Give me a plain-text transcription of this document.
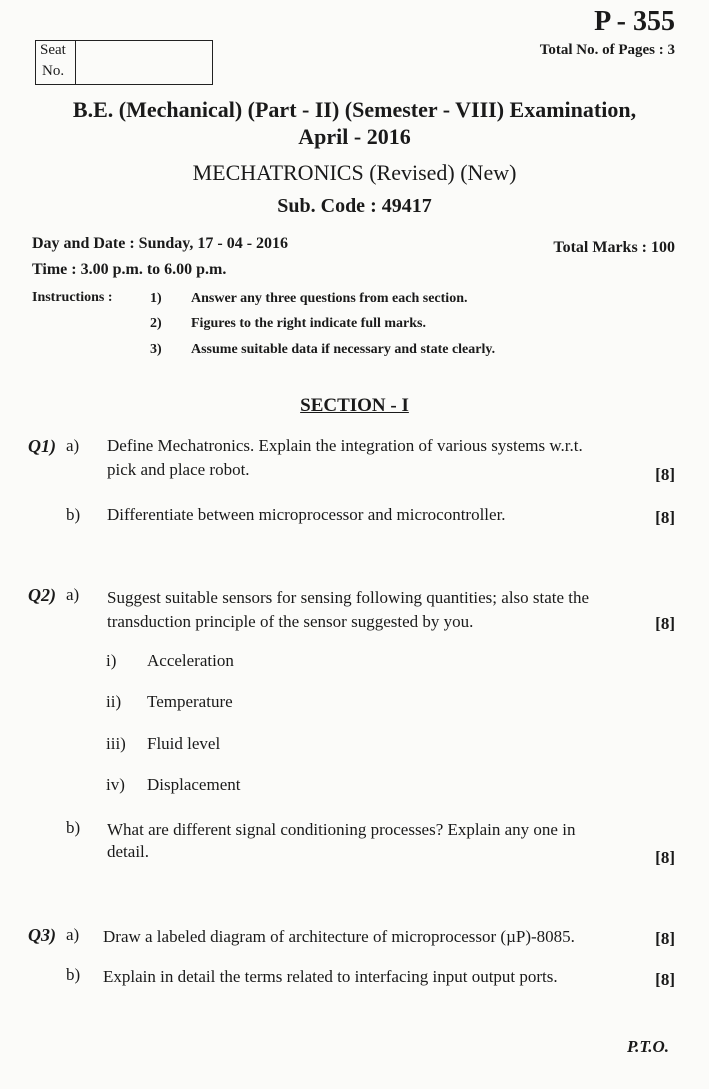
P - 355
Total No. of Pages : 3
Seat
No.
B.E. (Mechanical) (Part - II) (Semester - VIII) Examination,
April - 2016
MECHATRONICS (Revised) (New)
Sub. Code : 49417
Day and Date : Sunday, 17 - 04 - 2016	Total Marks : 100
Time : 3.00 p.m. to 6.00 p.m.
Instructions :	1) Answer any three questions from each section.
2) Figures to the right indicate full marks.
3) Assume suitable data if necessary and state clearly.
SECTION - I
Q1) a) Define Mechatronics. Explain the integration of various systems w.r.t.
pick and place robot.	[8]
b) Differentiate between microprocessor and microcontroller.	[8]
Q2) a) Suggest suitable sensors for sensing following quantities; also state the
transduction principle of the sensor suggested by you.	[8]
i) Acceleration
ii) Temperature
iii) Fluid level
iv) Displacement
b) What are different signal conditioning processes? Explain any one in
detail.	[8]
Q3) a) Draw a labeled diagram of architecture of microprocessor (µP)-8085.	[8]
b) Explain in detail the terms related to interfacing input output ports.	[8]
P.T.O.
